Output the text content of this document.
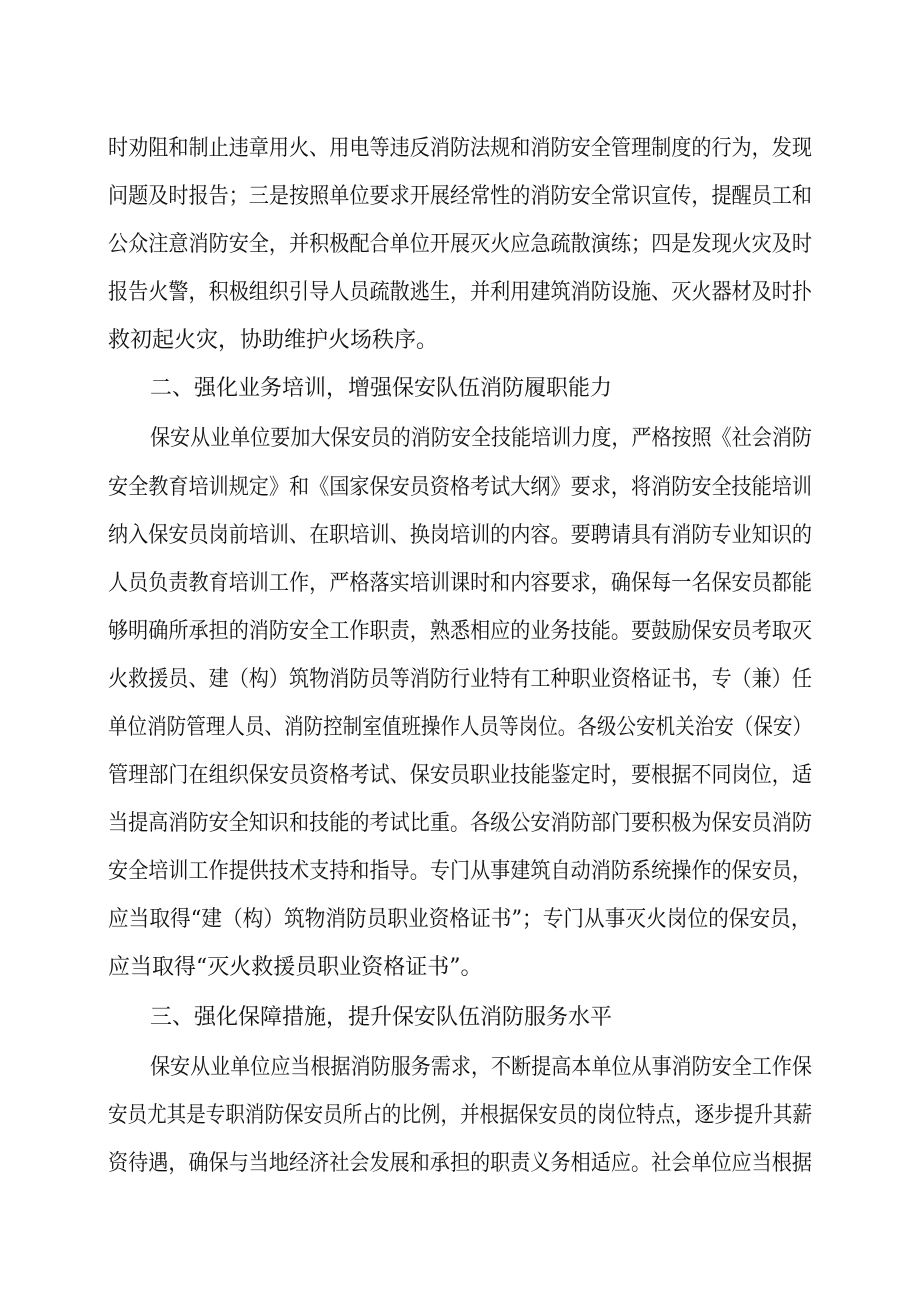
时劝阻和制止违章用火、用电等违反消防法规和消防安全管理制度的行为，发现
问题及时报告；三是按照单位要求开展经常性的消防安全常识宣传，提醒员工和
公众注意消防安全，并积极配合单位开展灭火应急疏散演练；四是发现火灾及时
报告火警，积极组织引导人员疏散逃生，并利用建筑消防设施、灭火器材及时扑
救初起火灾，协助维护火场秩序。
二、强化业务培训，增强保安队伍消防履职能力
保安从业单位要加大保安员的消防安全技能培训力度，严格按照《社会消防
安全教育培训规定》和《国家保安员资格考试大纲》要求，将消防安全技能培训
纳入保安员岗前培训、在职培训、换岗培训的内容。要聘请具有消防专业知识的
人员负责教育培训工作，严格落实培训课时和内容要求，确保每一名保安员都能
够明确所承担的消防安全工作职责，熟悉相应的业务技能。要鼓励保安员考取灭
火救援员、建（构）筑物消防员等消防行业特有工种职业资格证书，专（兼）任
单位消防管理人员、消防控制室值班操作人员等岗位。各级公安机关治安（保安）
管理部门在组织保安员资格考试、保安员职业技能鉴定时，要根据不同岗位，适
当提高消防安全知识和技能的考试比重。各级公安消防部门要积极为保安员消防
安全培训工作提供技术支持和指导。专门从事建筑自动消防系统操作的保安员，
应当取得“建（构）筑物消防员职业资格证书”；专门从事灭火岗位的保安员，
应当取得“灭火救援员职业资格证书”。
三、强化保障措施，提升保安队伍消防服务水平
保安从业单位应当根据消防服务需求，不断提高本单位从事消防安全工作保
安员尤其是专职消防保安员所占的比例，并根据保安员的岗位特点，逐步提升其薪
资待遇，确保与当地经济社会发展和承担的职责义务相适应。社会单位应当根据
